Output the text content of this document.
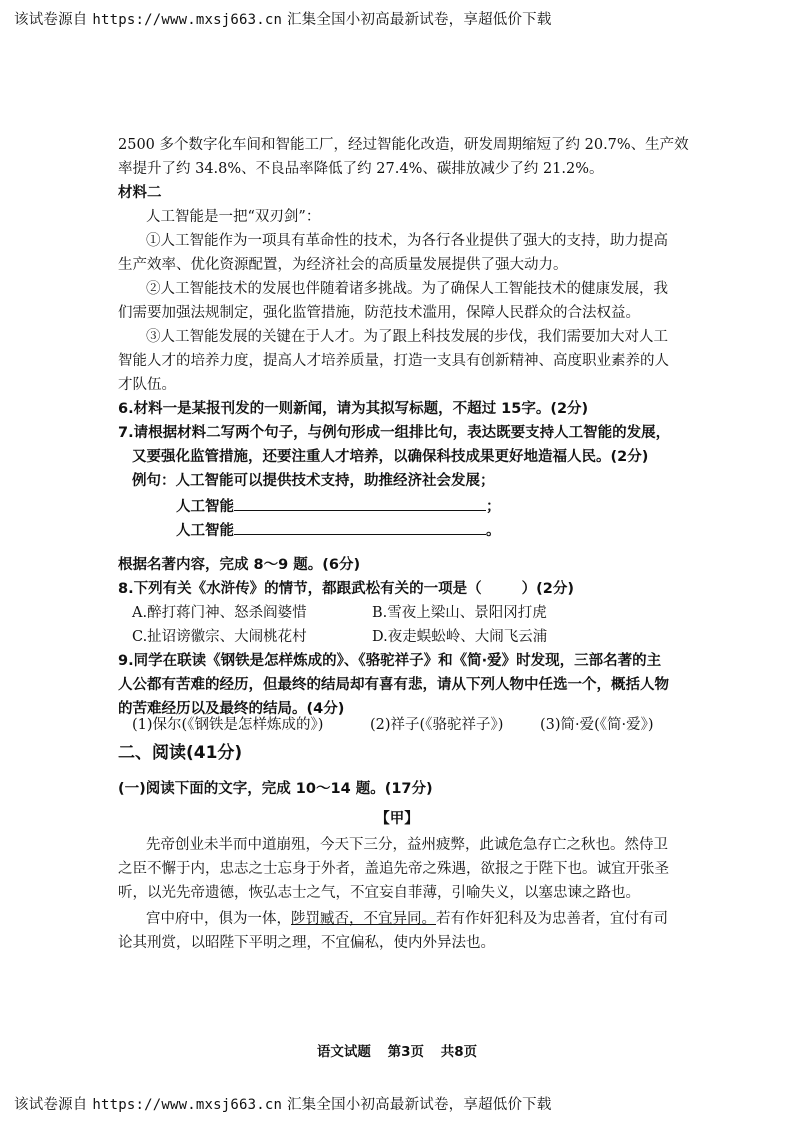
该试卷源自 https://www.mxsj663.cn 汇集全国小初高最新试卷，享超低价下载
2500 多个数字化车间和智能工厂，经过智能化改造，研发周期缩短了约 20.7%、生产效
率提升了约 34.8%、不良品率降低了约 27.4%、碳排放减少了约 21.2%。
材料二
人工智能是一把“双刃剑”：
①人工智能作为一项具有革命性的技术，为各行各业提供了强大的支持，助力提高
生产效率、优化资源配置，为经济社会的高质量发展提供了强大动力。
②人工智能技术的发展也伴随着诸多挑战。为了确保人工智能技术的健康发展，我
们需要加强法规制定，强化监管措施，防范技术滥用，保障人民群众的合法权益。
③人工智能发展的关键在于人才。为了跟上科技发展的步伐，我们需要加大对人工
智能人才的培养力度，提高人才培养质量，打造一支具有创新精神、高度职业素养的人
才队伍。
6.材料一是某报刊发的一则新闻，请为其拟写标题，不超过 15字。(2分)
7.请根据材料二写两个句子，与例句形成一组排比句，表达既要支持人工智能的发展，
又要强化监管措施，还要注重人才培养，以确保科技成果更好地造福人民。(2分)
例句：人工智能可以提供技术支持，助推经济社会发展；
人工智能	；
人工智能	。
根据名著内容，完成 8～9 题。(6分)
8.下列有关《水浒传》的情节，都跟武松有关的一项是（	）(2分)
A.醉打蒋门神、怒杀阎婆惜	B.雪夜上梁山、景阳冈打虎
C.扯诏谤徽宗、大闹桃花村	D.夜走蜈蚣岭、大闹飞云浦
9.同学在联读《钢铁是怎样炼成的》、《骆驼祥子》和《简·爱》时发现，三部名著的主
人公都有苦难的经历，但最终的结局却有喜有悲，请从下列人物中任选一个，概括人物
的苦难经历以及最终的结局。(4分)
(1)保尔(《钢铁是怎样炼成的》)	(2)祥子(《骆驼祥子》)	(3)简·爱(《简·爱》)
二、阅读(41分)
(一)阅读下面的文字，完成 10～14 题。(17分)
【甲】
先帝创业未半而中道崩殂，今天下三分，益州疲弊，此诚危急存亡之秋也。然侍卫
之臣不懈于内，忠志之士忘身于外者，盖追先帝之殊遇，欲报之于陛下也。诚宜开张圣
听，以光先帝遗德，恢弘志士之气，不宜妄自菲薄，引喻失义，以塞忠谏之路也。
宫中府中，俱为一体，陟罚臧否，不宜异同。若有作奸犯科及为忠善者，宜付有司
论其刑赏，以昭陛下平明之理，不宜偏私，使内外异法也。
语文试题 第3页 共8页
该试卷源自 https://www.mxsj663.cn 汇集全国小初高最新试卷，享超低价下载
